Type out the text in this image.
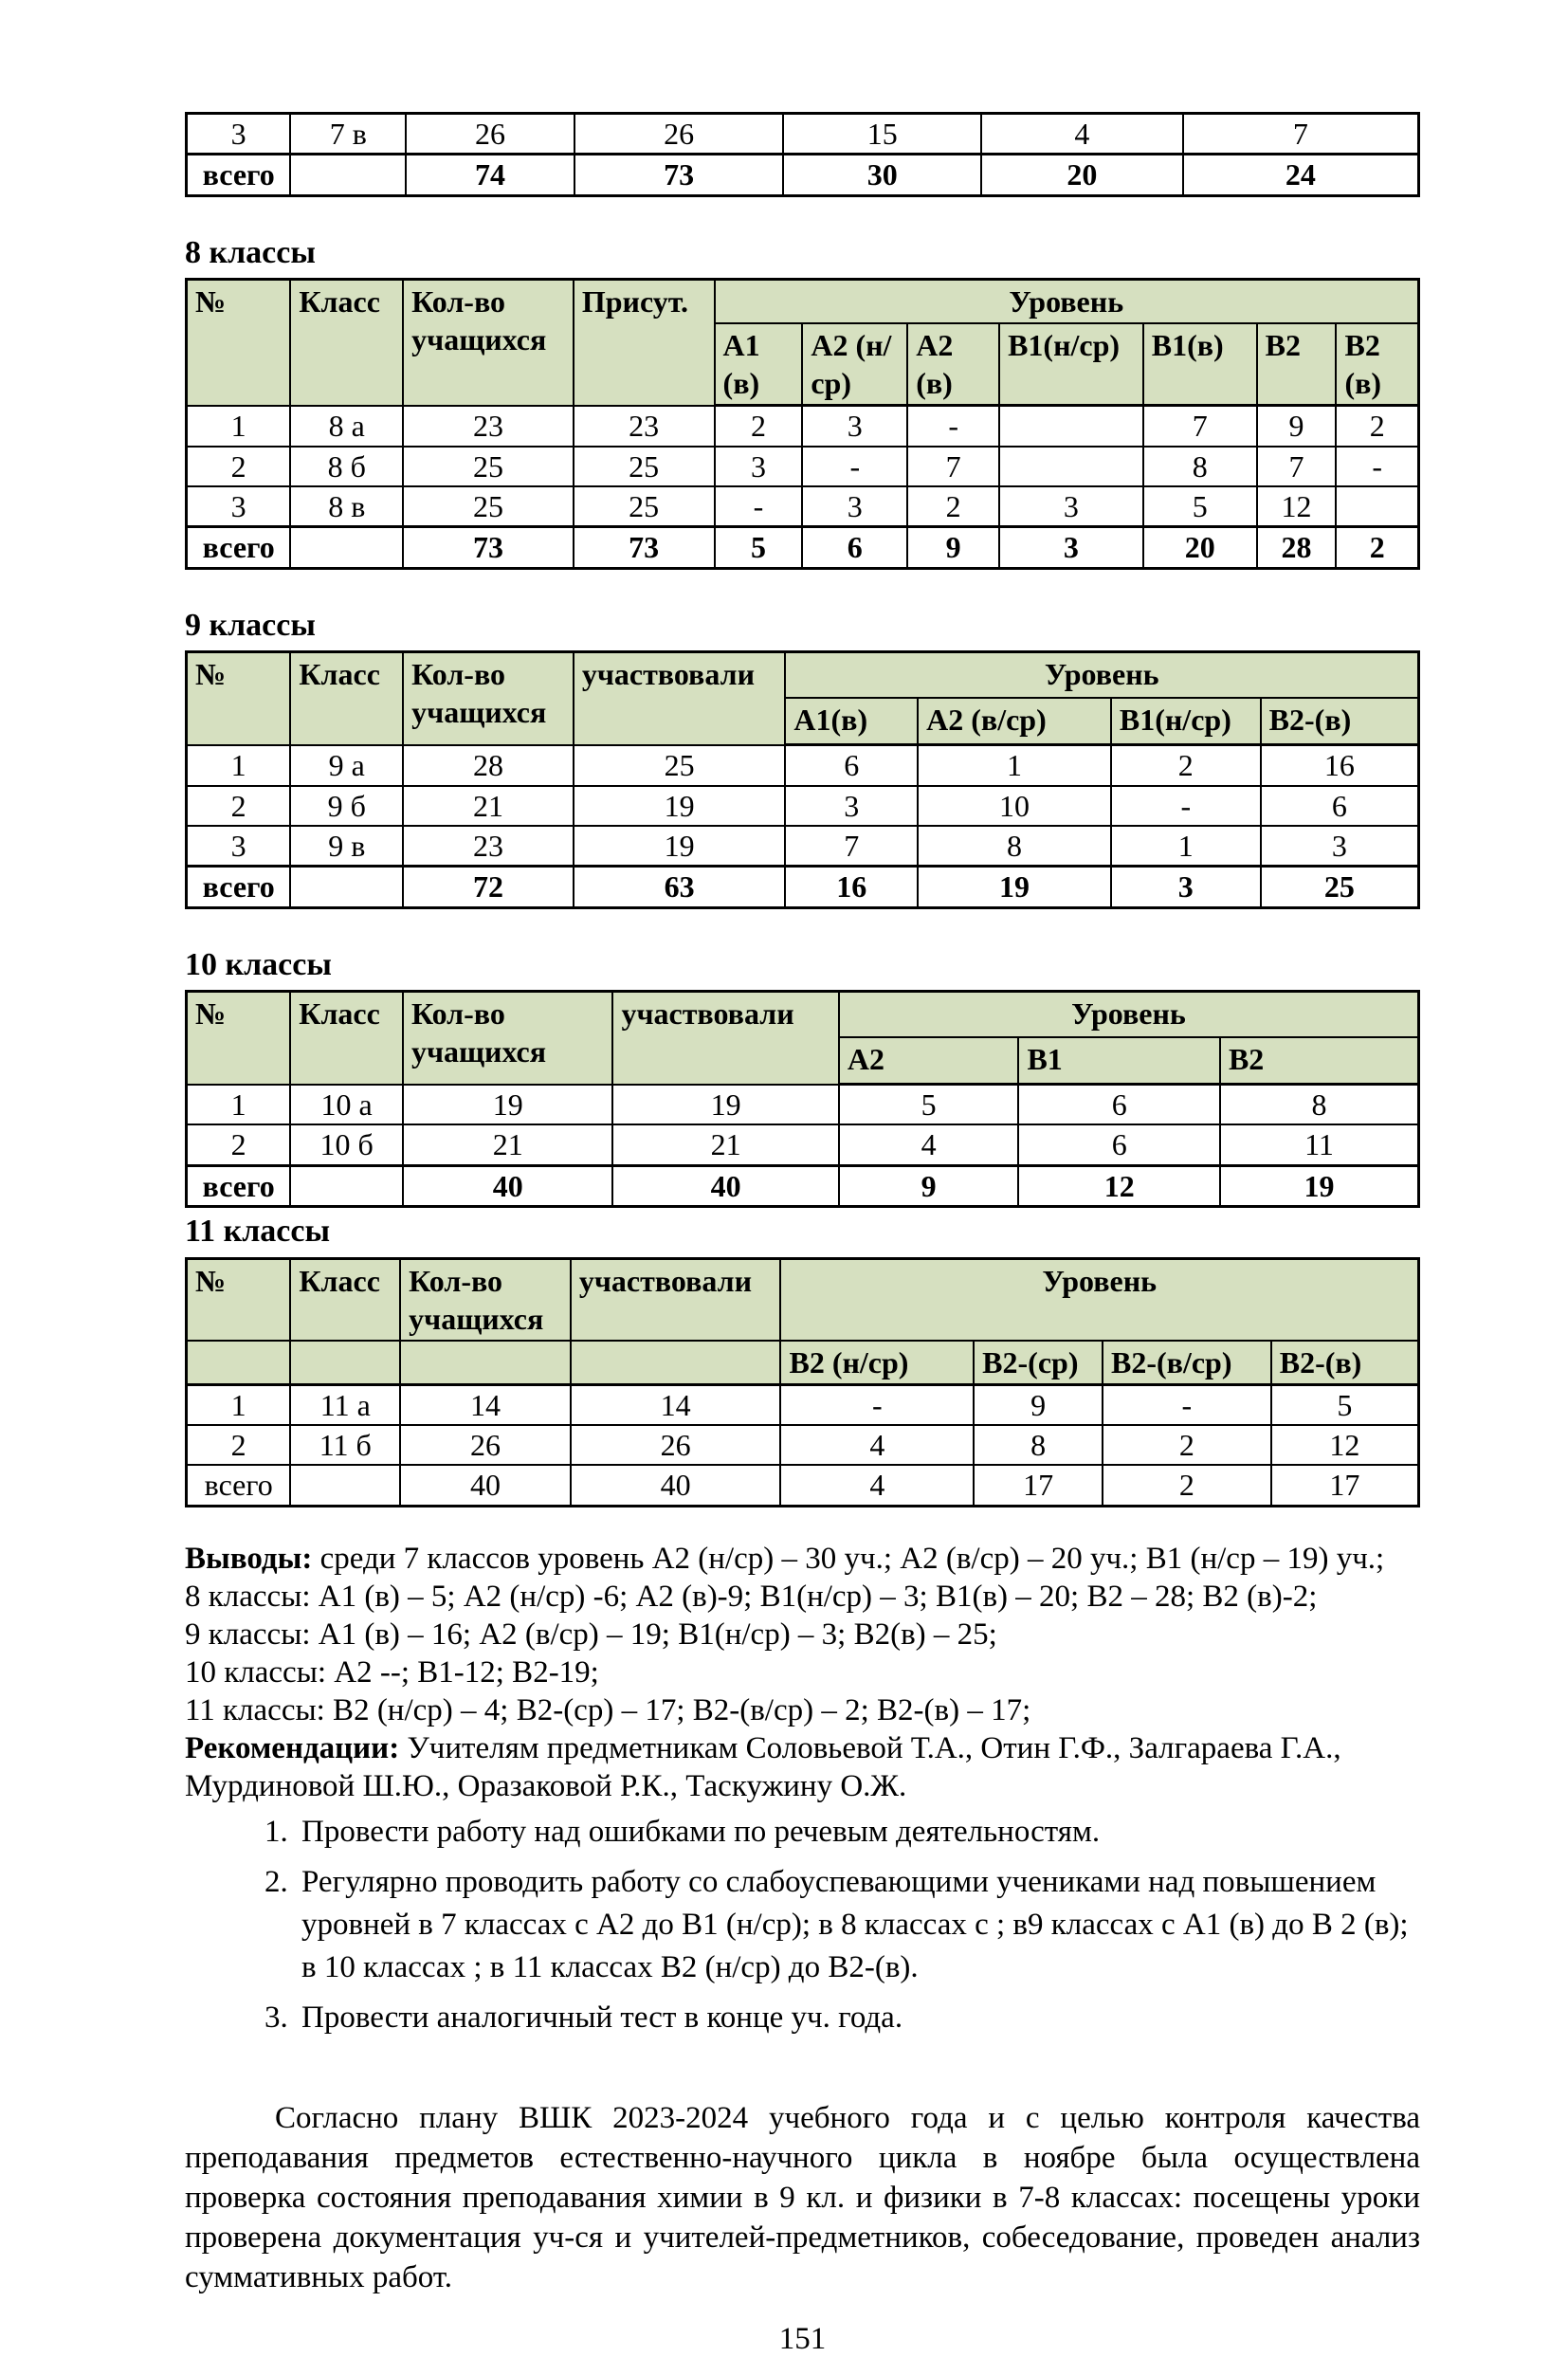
3	7 в	26	26	15	4	7
всего		74	73	30	20	24
8 классы
№	Класс	Кол-во учащихся	Присут.	Уровень						
				А1 (в)	А2 (н/ср)	А2 (в)	В1(н/ср)	В1(в)	В2	В2 (в)
1	8 а	23	23	2	3	-		7	9	2
2	8 б	25	25	3	-	7		8	7	-
3	8 в	25	25	-	3	2	3	5	12	
всего		73	73	5	6	9	3	20	28	2
9 классы
№	Класс	Кол-во учащихся	участвовали	Уровень			
				А1(в)	А2 (в/ср)	В1(н/ср)	В2-(в)
1	9 а	28	25	6	1	2	16
2	9 б	21	19	3	10	-	6
3	9 в	23	19	7	8	1	3
всего		72	63	16	19	3	25
10 классы
№	Класс	Кол-во учащихся	участвовали	Уровень		
				А2	В1	В2
1	10 а	19	19	5	6	8
2	10 б	21	21	4	6	11
всего		40	40	9	12	19
11 классы
№	Класс	Кол-во учащихся	участвовали	Уровень			
				В2 (н/ср)	В2-(ср)	В2-(в/ср)	В2-(в)
1	11 а	14	14	-	9	-	5
2	11 б	26	26	4	8	2	12
всего		40	40	4	17	2	17
Выводы: среди 7 классов уровень А2 (н/ср) – 30 уч.; А2 (в/ср) – 20 уч.; В1 (н/ср – 19) уч.;
8 классы: А1 (в) – 5; А2 (н/ср) -6; А2 (в)-9; В1(н/ср) – 3; В1(в) – 20; В2 – 28; В2 (в)-2;
9 классы: А1 (в) – 16; А2 (в/ср) – 19; В1(н/ср) – 3; В2(в) – 25;
10 классы: А2 --; В1-12; В2-19;
11 классы: В2 (н/ср) – 4; В2-(ср) – 17; В2-(в/ср) – 2; В2-(в) – 17;
Рекомендации: Учителям предметникам Соловьевой Т.А., Отин Г.Ф., Залгараева Г.А., Мурдиновой Ш.Ю., Оразаковой Р.К., Таскужину О.Ж.
1. Провести работу над ошибками по речевым деятельностям.
2. Регулярно проводить работу со слабоуспевающими учениками над повышением уровней в 7 классах с А2 до В1 (н/ср); в 8 классах с ; в9 классах с А1 (в) до В 2 (в); в 10 классах ; в 11 классах В2 (н/ср) до В2-(в).
3. Провести аналогичный тест в конце уч. года.

Согласно плану ВШК 2023-2024 учебного года и с целью контроля качества преподавания предметов естественно-научного цикла в ноябре была осуществлена проверка состояния преподавания химии в 9 кл. и физики в 7-8 классах: посещены уроки проверена документация уч-ся и учителей-предметников, собеседование, проведен анализ суммативных работ.

151
